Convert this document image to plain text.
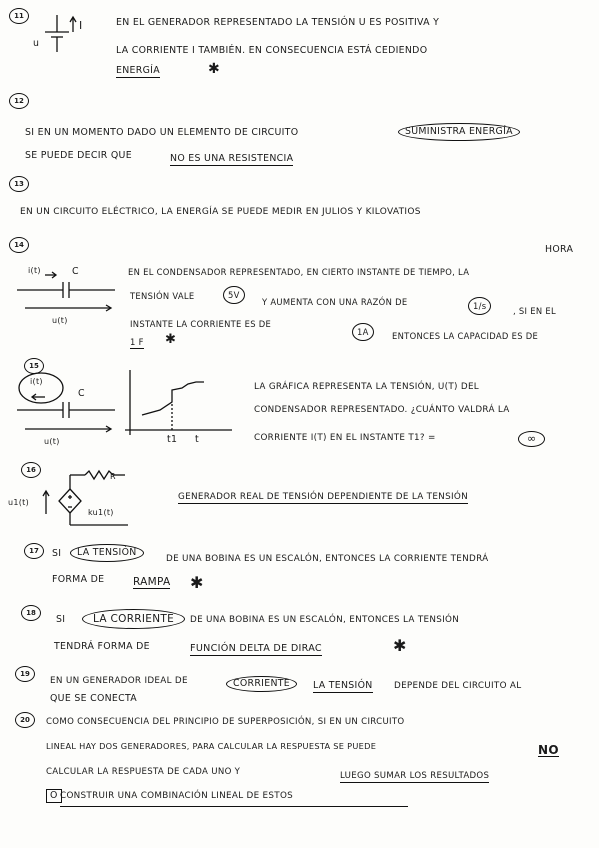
11
u
I	EN EL GENERADOR REPRESENTADO LA TENSIÓN U ES POSITIVA Y
LA CORRIENTE I TAMBIÉN. EN CONSECUENCIA ESTÁ CEDIENDO
ENERGÍA	✱
12
SI EN UN MOMENTO DADO UN ELEMENTO DE CIRCUITO	SUMINISTRA ENERGÍA
SE PUEDE DECIR QUE	NO ES UNA RESISTENCIA
13
EN UN CIRCUITO ELÉCTRICO, LA ENERGÍA SE PUEDE MEDIR EN JULIOS Y KILOVATIOS
HORA
14
i(t)	C
u(t)
EN EL CONDENSADOR REPRESENTADO, EN CIERTO INSTANTE DE TIEMPO, LA
TENSIÓN VALE	5V
Y AUMENTA CON UNA RAZÓN DE	1/s	, SI EN EL
INSTANTE LA CORRIENTE ES DE
1A	ENTONCES LA CAPACIDAD ES DE
1 F ✱
15
i(t)
C
u(t)	t1 t
LA GRÁFICA REPRESENTA LA TENSIÓN, U(T) DEL
CONDENSADOR REPRESENTADO. ¿CUÁNTO VALDRÁ LA
CORRIENTE I(T) EN EL INSTANTE T1? =	∞
16
u1(t)
R
ku1(t)
GENERADOR REAL DE TENSIÓN DEPENDIENTE DE LA TENSIÓN
17	SI	LA TENSIÓN
DE UNA BOBINA ES UN ESCALÓN, ENTONCES LA CORRIENTE TENDRÁ
FORMA DE	RAMPA ✱
18
SI	LA CORRIENTE	DE UNA BOBINA ES UN ESCALÓN, ENTONCES LA TENSIÓN
TENDRÁ FORMA DE	FUNCIÓN DELTA DE DIRAC	✱
19
EN UN GENERADOR IDEAL DE	CORRIENTE	LA TENSIÓN DEPENDE DEL CIRCUITO AL
QUE SE CONECTA
20	COMO CONSECUENCIA DEL PRINCIPIO DE SUPERPOSICIÓN, SI EN UN CIRCUITO
LINEAL HAY DOS GENERADORES, PARA CALCULAR LA RESPUESTA SE PUEDE	NO
CALCULAR LA RESPUESTA DE CADA UNO Y	LUEGO SUMAR LOS RESULTADOS
O CONSTRUIR UNA COMBINACIÓN LINEAL DE ESTOS
